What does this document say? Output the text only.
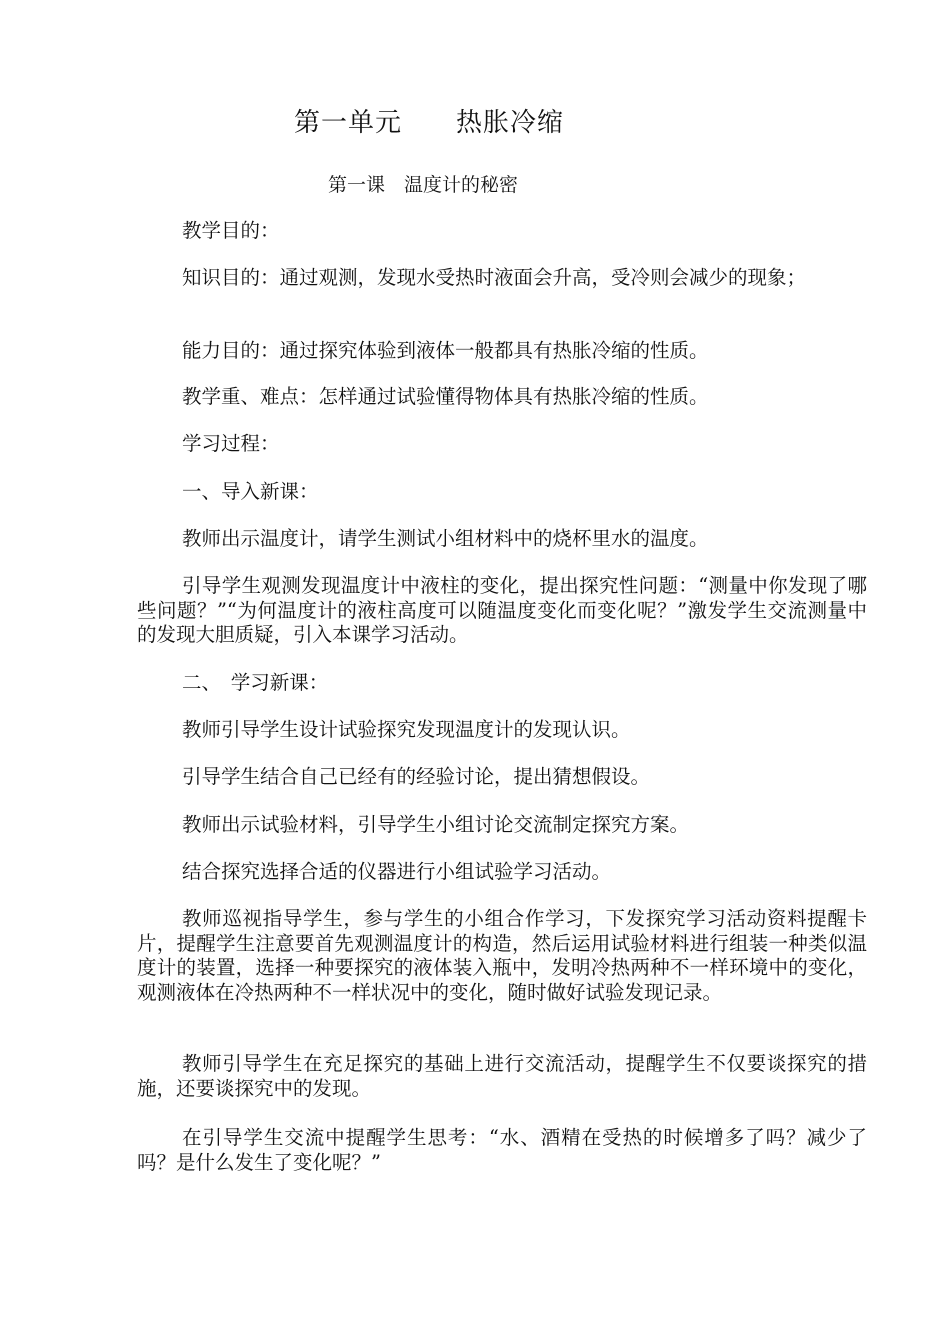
第一单元　　热胀冷缩
第一课　温度计的秘密

教学目的：

知识目的：通过观测，发现水受热时液面会升高，受冷则会减少的现象；

能力目的：通过探究体验到液体一般都具有热胀冷缩的性质。

教学重、难点：怎样通过试验懂得物体具有热胀冷缩的性质。

学习过程：

一、导入新课：

教师出示温度计，请学生测试小组材料中的烧杯里水的温度。

引导学生观测发现温度计中液柱的变化，提出探究性问题：“测量中你发现了哪些问题？”“为何温度计的液柱高度可以随温度变化而变化呢？”激发学生交流测量中的发现大胆质疑，引入本课学习活动。

二、　学习新课：

教师引导学生设计试验探究发现温度计的发现认识。

引导学生结合自己已经有的经验讨论，提出猜想假设。

教师出示试验材料，引导学生小组讨论交流制定探究方案。

结合探究选择合适的仪器进行小组试验学习活动。

教师巡视指导学生，参与学生的小组合作学习，下发探究学习活动资料提醒卡片，提醒学生注意要首先观测温度计的构造，然后运用试验材料进行组装一种类似温度计的装置，选择一种要探究的液体装入瓶中，发明冷热两种不一样环境中的变化，观测液体在冷热两种不一样状况中的变化，随时做好试验发现记录。

教师引导学生在充足探究的基础上进行交流活动，提醒学生不仅要谈探究的措施，还要谈探究中的发现。

在引导学生交流中提醒学生思考：“水、酒精在受热的时候增多了吗？减少了吗？是什么发生了变化呢？”
